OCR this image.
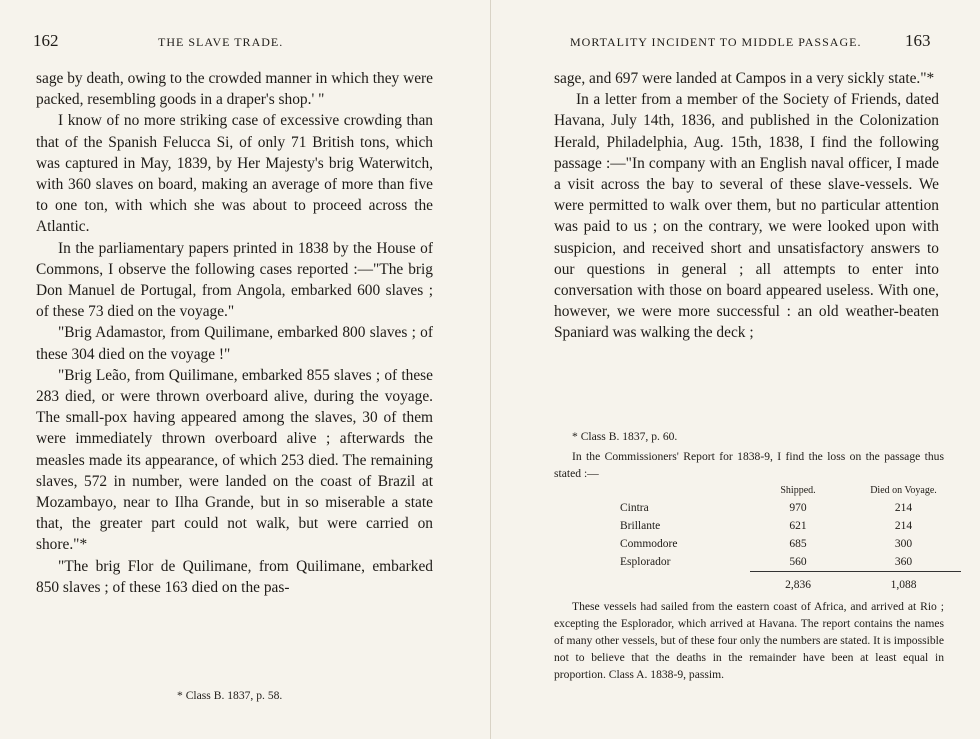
162	THE SLAVE TRADE.

sage by death, owing to the crowded manner in which they were packed, resembling goods in a draper's shop.' "

I know of no more striking case of excessive crowding than that of the Spanish Felucca Si, of only 71 British tons, which was captured in May, 1839, by Her Majesty's brig Waterwitch, with 360 slaves on board, making an average of more than five to one ton, with which she was about to proceed across the Atlantic.

In the parliamentary papers printed in 1838 by the House of Commons, I observe the following cases reported :—"The brig Don Manuel de Portugal, from Angola, embarked 600 slaves ; of these 73 died on the voyage."

"Brig Adamastor, from Quilimane, embarked 800 slaves ; of these 304 died on the voyage !"

"Brig Leão, from Quilimane, embarked 855 slaves ; of these 283 died, or were thrown overboard alive, during the voyage. The small-pox having appeared among the slaves, 30 of them were immediately thrown overboard alive ; afterwards the measles made its appearance, of which 253 died. The remaining slaves, 572 in number, were landed on the coast of Brazil at Mozambayo, near to Ilha Grande, but in so miserable a state that, the greater part could not walk, but were carried on shore."*

"The brig Flor de Quilimane, from Quilimane, embarked 850 slaves ; of these 163 died on the pas-

* Class B. 1837, p. 58.
MORTALITY INCIDENT TO MIDDLE PASSAGE.	163

sage, and 697 were landed at Campos in a very sickly state."*

In a letter from a member of the Society of Friends, dated Havana, July 14th, 1836, and published in the Colonization Herald, Philadelphia, Aug. 15th, 1838, I find the following passage :—"In company with an English naval officer, I made a visit across the bay to several of these slave-vessels. We were permitted to walk over them, but no particular attention was paid to us ; on the contrary, we were looked upon with suspicion, and received short and unsatisfactory answers to our questions in general ; all attempts to enter into conversation with those on board appeared useless. With one, however, we were more successful : an old weather-beaten Spaniard was walking the deck ;

* Class B. 1837, p. 60.

In the Commissioners' Report for 1838-9, I find the loss on the passage thus stated :—

These vessels had sailed from the eastern coast of Africa, and arrived at Rio ; excepting the Esplorador, which arrived at Havana. The report contains the names of many other vessels, but of these four only the numbers are stated. It is impossible not to believe that the deaths in the remainder have been at least equal in proportion. Class A. 1838-9, passim.

	Shipped.	Died on Voyage.
Cintra	970	214
Brillante	621	214
Commodore	685	300
Esplorador	560	360
	2,836	1,088
